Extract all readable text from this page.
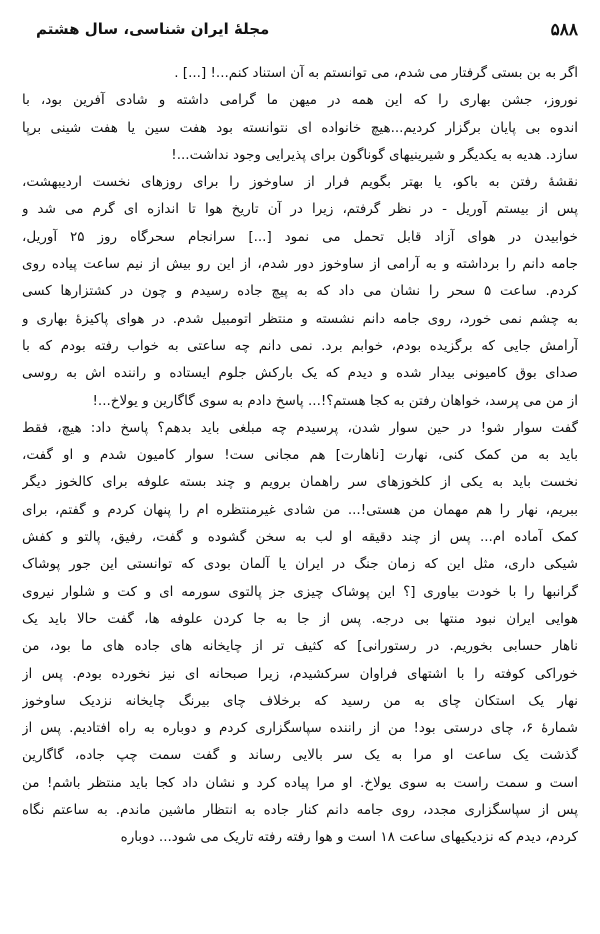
۵۸۸
مجلهٔ ایران شناسی، سال هشتم
اگر به بن بستی گرفتار می شدم، می توانستم به آن استناد کنم...! [...] .
نوروز، جشن بهاری را که این همه در میهن ما گرامی داشته و شادی آفرین بود، با
اندوه بی پایان برگزار کردیم...هیچ خانواده ای نتوانسته بود هفت سین یا هفت شینی برپا
سازد. هدیه به یکدیگر و شیرینیهای گوناگون برای پذیرایی وجود نداشت...!
نقشهٔ رفتن به باکو، یا بهتر بگویم فرار از ساوخوز را برای روزهای نخست اردیبهشت،
پس از بیستم آوریل - در نظر گرفتم، زیرا در آن تاریخ هوا تا اندازه ای گرم می شد و
خوابیدن در هوای آزاد قابل تحمل می نمود [...] سرانجام سحرگاه روز ۲۵ آوریل،
جامه دانم را برداشته و به آرامی از ساوخوز دور شدم، از این رو بیش از نیم ساعت پیاده روی
کردم. ساعت ۵ سحر را نشان می داد که به پیچ جاده رسیدم و چون در کشتزارها کسی
به چشم نمی خورد، روی جامه دانم نشسته و منتظر اتومبیل شدم. در هوای پاکیزهٔ بهاری و
آرامش جایی که برگزیده بودم، خوابم برد. نمی دانم چه ساعتی به خواب رفته بودم که با
صدای بوق کامیونی بیدار شده و دیدم که یک بارکش جلوم ایستاده و راننده اش به روسی
از من می پرسد، خواهان رفتن به کجا هستم؟!... پاسخ دادم به سوی گاگارین و یولاخ...!
گفت سوار شو! در حین سوار شدن، پرسیدم چه مبلغی باید بدهم؟ پاسخ داد: هیچ، فقط
باید به من کمک کنی، نهارت [ناهارت] هم مجانی ست! سوار کامیون شدم و او گفت،
نخست باید به یکی از کلخوزهای سر راهمان برویم و چند بسته علوفه برای کالخوز دیگر
ببریم، نهار را هم مهمان من هستی!... من شادی غیرمنتظره ام را پنهان کردم و گفتم، برای
کمک آماده ام... پس از چند دقیقه او لب به سخن گشوده و گفت، رفیق، پالتو و کفش
شیکی داری، مثل این که زمان جنگ در ایران یا آلمان بودی که توانستی این جور پوشاک
گرانبها را با خودت بیاوری [؟ این پوشاک چیزی جز پالتوی سورمه ای و کت و شلوار نیروی
هوایی ایران نبود منتها بی درجه. پس از جا به جا کردن علوفه ها، گفت حالا باید یک
ناهار حسابی بخوریم. در رستورانی] که کثیف تر از چایخانه های جاده های ما بود، من
خوراکی کوفته را با اشتهای فراوان سرکشیدم، زیرا صبحانه ای نیز نخورده بودم. پس از
نهار یک استکان چای به من رسید که برخلاف چای بیرنگ چایخانه نزدیک ساوخوز
شمارهٔ ۶، چای درستی بود! من از راننده سپاسگزاری کردم و دوباره به راه افتادیم. پس از
گذشت یک ساعت او مرا به یک سر بالایی رساند و گفت سمت چپ جاده، گاگارین
است و سمت راست به سوی یولاخ. او مرا پیاده کرد و نشان داد کجا باید منتظر باشم! من
پس از سپاسگزاری مجدد، روی جامه دانم کنار جاده به انتظار ماشین ماندم. به ساعتم نگاه
کردم، دیدم که نزدیکیهای ساعت ۱۸ است و هوا رفته رفته تاریک می شود... دوباره
